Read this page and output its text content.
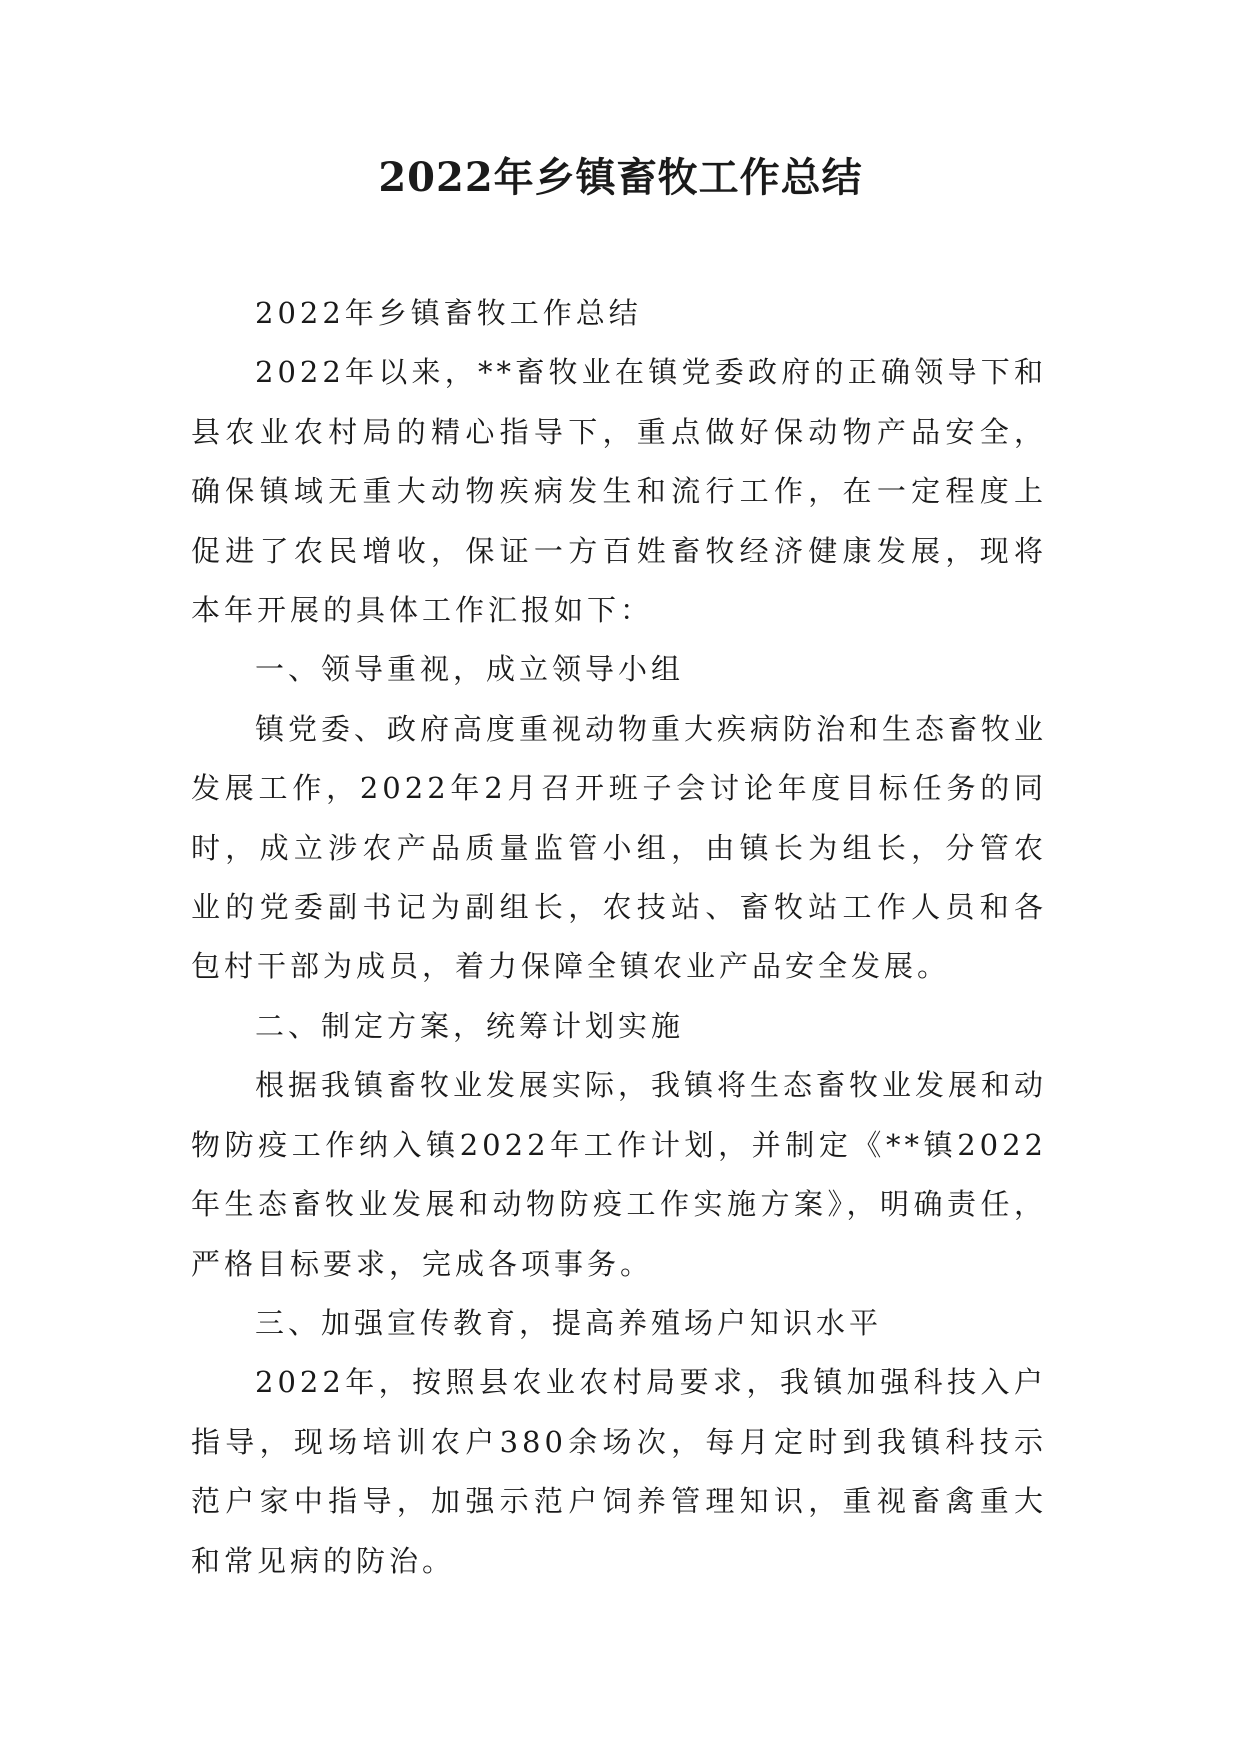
2022年乡镇畜牧工作总结

2022年乡镇畜牧工作总结

2022年以来，**畜牧业在镇党委政府的正确领导下和县农业农村局的精心指导下，重点做好保动物产品安全，确保镇域无重大动物疾病发生和流行工作，在一定程度上促进了农民增收，保证一方百姓畜牧经济健康发展，现将本年开展的具体工作汇报如下：

一、领导重视，成立领导小组

镇党委、政府高度重视动物重大疾病防治和生态畜牧业发展工作，2022年2月召开班子会讨论年度目标任务的同时，成立涉农产品质量监管小组，由镇长为组长，分管农业的党委副书记为副组长，农技站、畜牧站工作人员和各包村干部为成员，着力保障全镇农业产品安全发展。

二、制定方案，统筹计划实施

根据我镇畜牧业发展实际，我镇将生态畜牧业发展和动物防疫工作纳入镇2022年工作计划，并制定《**镇2022年生态畜牧业发展和动物防疫工作实施方案》，明确责任，严格目标要求，完成各项事务。

三、加强宣传教育，提高养殖场户知识水平

2022年，按照县农业农村局要求，我镇加强科技入户指导，现场培训农户380余场次，每月定时到我镇科技示范户家中指导，加强示范户饲养管理知识，重视畜禽重大和常见病的防治。
